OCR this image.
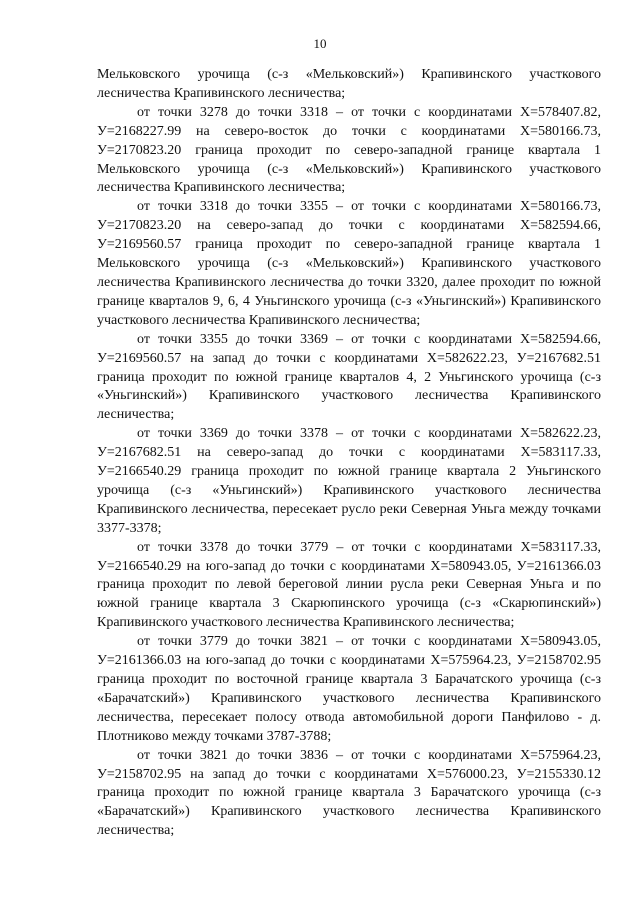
10

Мельковского урочища (с-з «Мельковский») Крапивинского участкового лесничества Крапивинского лесничества;

от точки 3278 до точки 3318 – от точки с координатами X=578407.82, У=2168227.99 на северо-восток до точки с координатами X=580166.73, У=2170823.20 граница проходит по северо-западной границе квартала 1 Мельковского урочища (с-з «Мельковский») Крапивинского участкового лесничества Крапивинского лесничества;

от точки 3318 до точки 3355 – от точки с координатами X=580166.73, У=2170823.20 на северо-запад до точки с координатами X=582594.66, У=2169560.57 граница проходит по северо-западной границе квартала 1 Мельковского урочища (с-з «Мельковский») Крапивинского участкового лесничества Крапивинского лесничества до точки 3320, далее проходит по южной границе кварталов 9, 6, 4 Уньгинского урочища (с-з «Уньгинский») Крапивинского участкового лесничества Крапивинского лесничества;

от точки 3355 до точки 3369 – от точки с координатами X=582594.66, У=2169560.57 на запад до точки с координатами X=582622.23, У=2167682.51 граница проходит по южной границе кварталов 4, 2 Уньгинского урочища (с-з «Уньгинский») Крапивинского участкового лесничества Крапивинского лесничества;

от точки 3369 до точки 3378 – от точки с координатами X=582622.23, У=2167682.51 на северо-запад до точки с координатами X=583117.33, У=2166540.29 граница проходит по южной границе квартала 2 Уньгинского урочища (с-з «Уньгинский») Крапивинского участкового лесничества Крапивинского лесничества, пересекает русло реки Северная Уньга между точками 3377-3378;

от точки 3378 до точки 3779 – от точки с координатами X=583117.33, У=2166540.29 на юго-запад до точки с координатами X=580943.05, У=2161366.03 граница проходит по левой береговой линии русла реки Северная Уньга и по южной границе квартала 3 Скарюпинского урочища (с-з «Скарюпинский») Крапивинского участкового лесничества Крапивинского лесничества;

от точки 3779 до точки 3821 – от точки с координатами X=580943.05, У=2161366.03 на юго-запад до точки с координатами X=575964.23, У=2158702.95 граница проходит по восточной границе квартала 3 Барачатского урочища (с-з «Барачатский») Крапивинского участкового лесничества Крапивинского лесничества, пересекает полосу отвода автомобильной дороги Панфилово - д. Плотниково между точками 3787-3788;

от точки 3821 до точки 3836 – от точки с координатами X=575964.23, У=2158702.95 на запад до точки с координатами X=576000.23, У=2155330.12 граница проходит по южной границе квартала 3 Барачатского урочища (с-з «Барачатский») Крапивинского участкового лесничества Крапивинского лесничества;
